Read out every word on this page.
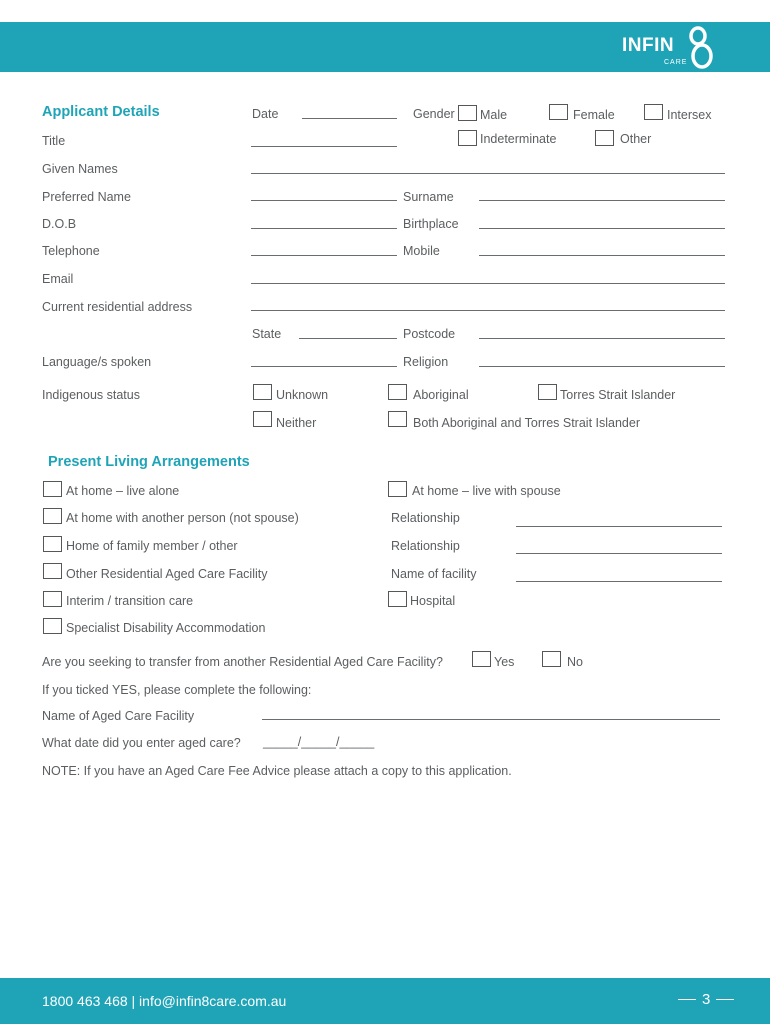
INFIN
CARE
Applicant Details	Date	Gender Male	Female	Intersex
Indeterminate	Other
Title
Given Names
Preferred Name	Surname
D.O.B	Birthplace
Telephone	Mobile
Email
Current residential address
State	Postcode
Language/s spoken	Religion
Indigenous status	Unknown	Aboriginal	Torres Strait Islander
Neither	Both Aboriginal and Torres Strait Islander
Present Living Arrangements
At home – live alone	At home – live with spouse
At home with another person (not spouse)	Relationship
Home of family member / other	Relationship
Other Residential Aged Care Facility	Name of facility
Interim / transition care	Hospital
Specialist Disability Accommodation
Are you seeking to transfer from another Residential Aged Care Facility?	Yes	No
If you ticked YES, please complete the following:
Name of Aged Care Facility
What date did you enter aged care? _____/_____/_____
NOTE: If you have an Aged Care Fee Advice please attach a copy to this application.
1800 463 468 | info@infin8care.com.au	3
